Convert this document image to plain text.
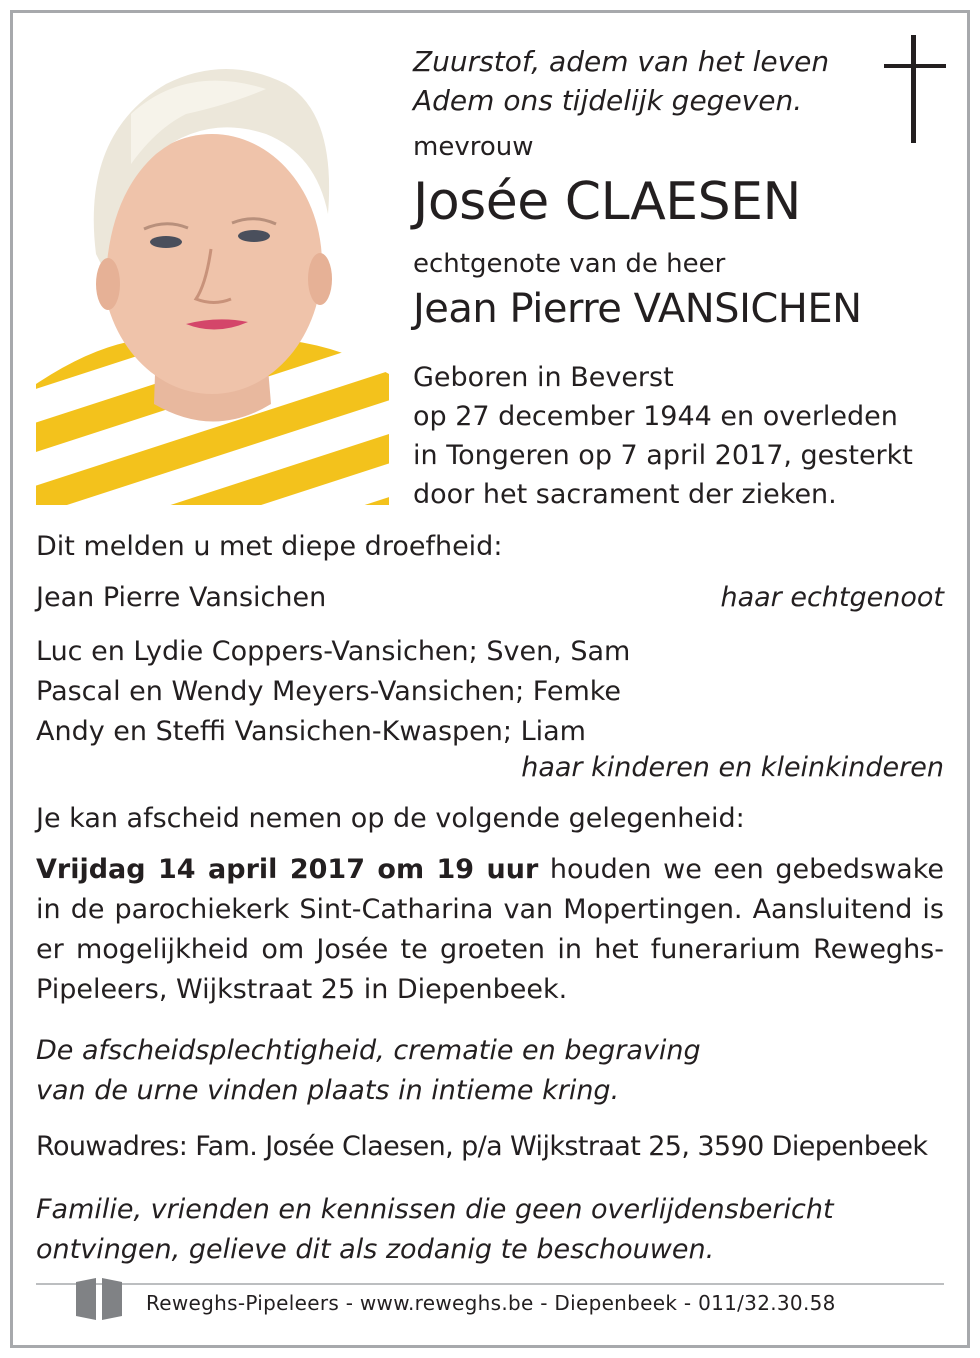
Zuurstof, adem van het leven
Adem ons tijdelijk gegeven.
mevrouw
Josée CLAESEN
echtgenote van de heer
Jean Pierre VANSICHEN
Geboren in Beverst
op 27 december 1944 en overleden
in Tongeren op 7 april 2017, gesterkt
door het sacrament der zieken.
Dit melden u met diepe droefheid:
Jean Pierre Vansichen	haar echtgenoot
Luc en Lydie Coppers-Vansichen; Sven, Sam
Pascal en Wendy Meyers-Vansichen; Femke
Andy en Steffi Vansichen-Kwaspen; Liam
haar kinderen en kleinkinderen
Je kan afscheid nemen op de volgende gelegenheid:
Vrijdag 14 april 2017 om 19 uur houden we een gebedswake in de parochiekerk Sint-Catharina van Mopertingen. Aansluitend is er mogelijkheid om Josée te groeten in het funerarium Reweghs-Pipeleers, Wijkstraat 25 in Diepenbeek.
De afscheidsplechtigheid, crematie en begraving
van de urne vinden plaats in intieme kring.
Rouwadres: Fam. Josée Claesen, p/a Wijkstraat 25, 3590 Diepenbeek
Familie, vrienden en kennissen die geen overlijdensbericht
ontvingen, gelieve dit als zodanig te beschouwen.
Reweghs-Pipeleers - www.reweghs.be - Diepenbeek - 011/32.30.58
